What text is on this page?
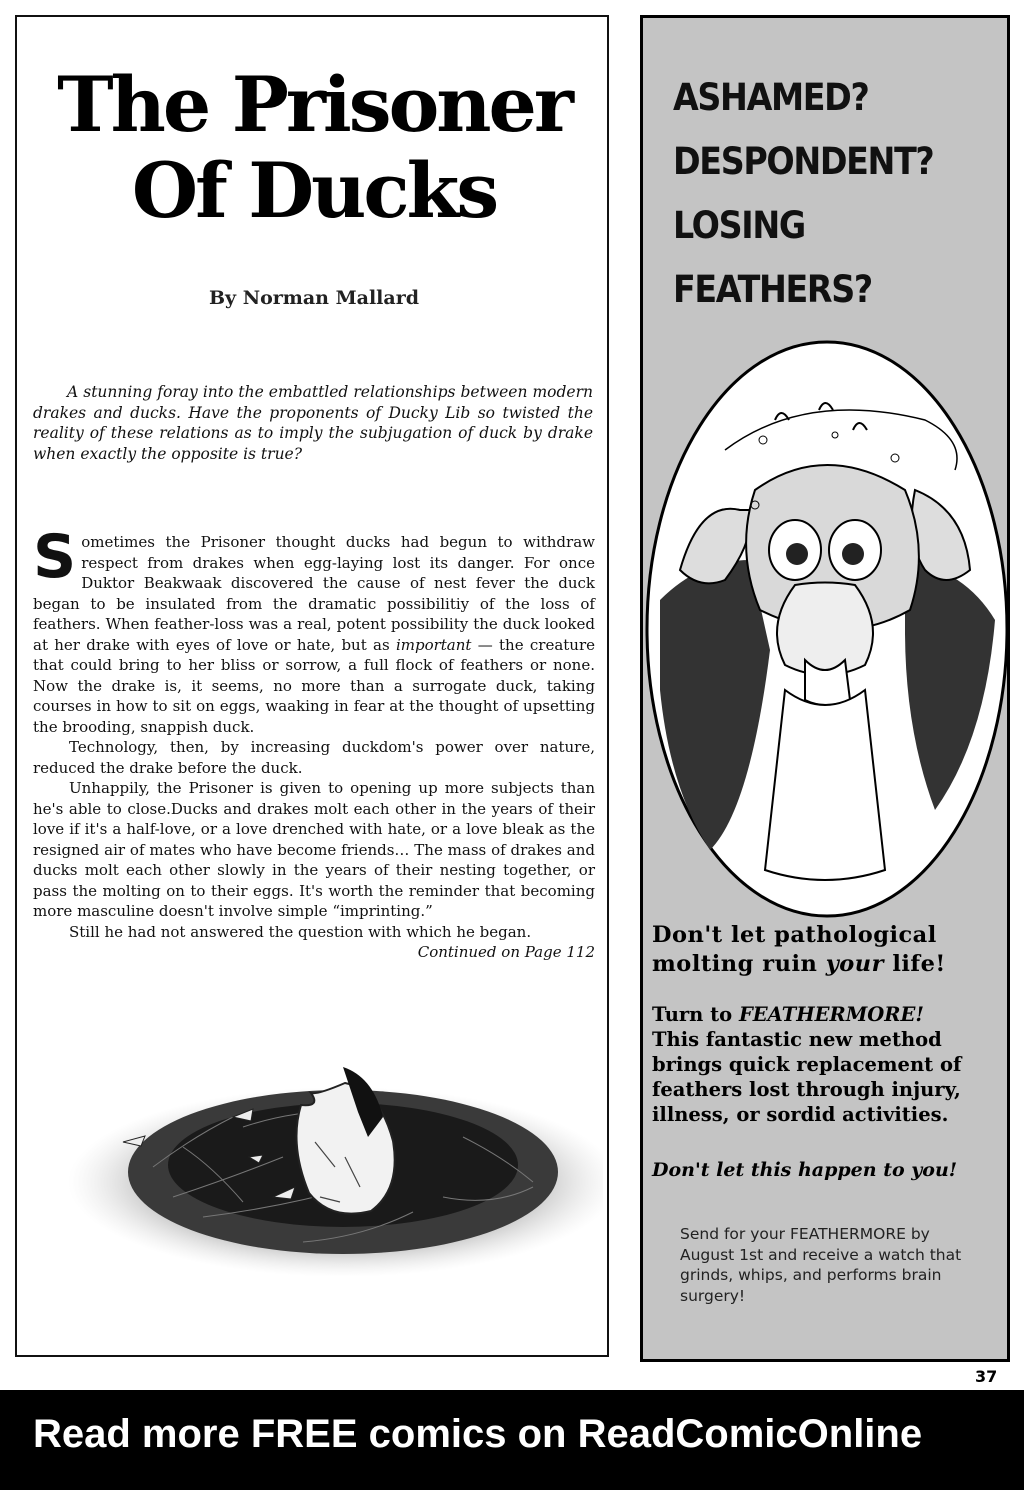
The Prisoner
Of Ducks
By Norman Mallard
A stunning foray into the embattled relationships between modern drakes and ducks. Have the proponents of Ducky Lib so twisted the reality of these relations as to imply the subjugation of duck by drake when exactly the opposite is true?

Sometimes the Prisoner thought ducks had begun to withdraw respect from drakes when egg-laying lost its danger. For once Duktor Beakwaak discovered the cause of nest fever the duck began to be insulated from the dramatic possibilitiy of the loss of feathers. When feather-loss was a real, potent possibility the duck looked at her drake with eyes of love or hate, but as important — the creature that could bring to her bliss or sorrow, a full flock of feathers or none. Now the drake is, it seems, no more than a surrogate duck, taking courses in how to sit on eggs, waaking in fear at the thought of upsetting the brooding, snappish duck.

Technology, then, by increasing duckdom's power over nature, reduced the drake before the duck.

Unhappily, the Prisoner is given to opening up more subjects than he's able to close.Ducks and drakes molt each other in the years of their love if it's a half-love, or a love drenched with hate, or a love bleak as the resigned air of mates who have become friends… The mass of drakes and ducks molt each other slowly in the years of their nesting together, or pass the molting on to their eggs. It's worth the reminder that becoming more masculine doesn't involve simple “imprinting.”

Still he had not answered the question with which he began.

Continued on Page 112

ASHAMED?
DESPONDENT?
LOSING
FEATHERS?
Don't let pathological molting ruin your life!
Turn to FEATHERMORE!
This fantastic new method brings quick replacement of feathers lost through injury, illness, or sordid activities.
Don't let this happen to you!
Send for your FEATHERMORE by August 1st and receive a watch that grinds, whips, and performs brain surgery!
37
Read more FREE comics on ReadComicOnline
